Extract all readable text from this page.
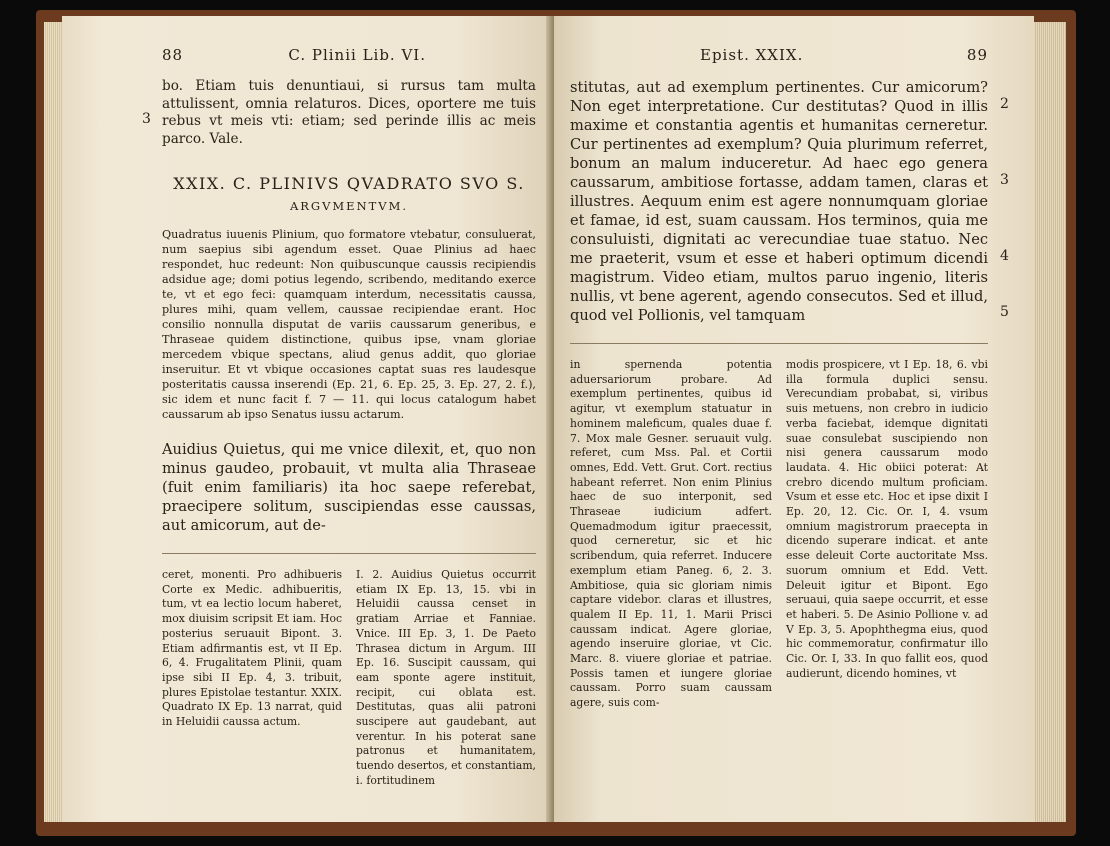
88	C. Plinii Lib. VI.

bo. Etiam tuis denuntiaui, si rursus tam multa attulissent, omnia relaturos. Dices, oportere me tuis rebus vt meis vti: etiam; sed perinde illis ac meis parco. Vale.

XXIX. C. PLINIVS QVADRATO SVO S.
ARGVMENTVM.

Quadratus iuuenis Plinium, quo formatore vtebatur, consuluerat, num saepius sibi agendum esset. Quae Plinius ad haec respondet, huc redeunt: Non quibuscunque caussis recipiendis adsidue age; domi potius legendo, scribendo, meditando exerce te, vt et ego feci: quamquam interdum, necessitatis caussa, plures mihi, quam vellem, caussae recipiendae erant. Hoc consilio nonnulla disputat de variis caussarum generibus, e Thraseae quidem distinctione, quibus ipse, vnam gloriae mercedem vbique spectans, aliud genus addit, quo gloriae inseruitur. Et vt vbique occasiones captat suas res laudesque posteritatis caussa inserendi (Ep. 21, 6. Ep. 25, 3. Ep. 27, 2. f.), sic idem et nunc facit f. 7 — 11. qui locus catalogum habet caussarum ab ipso Senatus iussu actarum.

Auidius Quietus, qui me vnice dilexit, et, quo non minus gaudeo, probauit, vt multa alia Thraseae (fuit enim familiaris) ita hoc saepe referebat, praecipere solitum, suscipiendas esse caussas, aut amicorum, aut de-

ceret, monenti. Pro adhibueris Corte ex Medic. adhibueritis, tum, vt ea lectio locum haberet, mox diuisim scripsit Et iam. Hoc posterius seruauit Bipont. 3. Etiam adfirmantis est, vt II Ep. 6, 4. Frugalitatem Plinii, quam ipse sibi II Ep. 4, 3. tribuit, plures Epistolae testantur. XXIX. Quadrato IX Ep. 13 narrat, quid in Heluidii caussa actum.
I. 2. Auidius Quietus occurrit etiam IX Ep. 13, 15. vbi in Heluidii caussa censet in gratiam Arriae et Fanniae. Vnice. III Ep. 3, 1. De Paeto Thrasea dictum in Argum. III Ep. 16. Suscipit caussam, qui eam sponte agere instituit, recipit, cui oblata est. Destitutas, quas alii patroni suscipere aut gaudebant, aut verentur. In his poterat sane patronus et humanitatem, tuendo desertos, et constantiam, i. fortitudinem
3
Epist. XXIX.	89

stitutas, aut ad exemplum pertinentes. Cur amicorum? Non eget interpretatione. Cur destitutas? Quod in illis maxime et constantia agentis et humanitas cerneretur. Cur pertinentes ad exemplum? Quia plurimum referret, bonum an malum induceretur. Ad haec ego genera caussarum, ambitiose fortasse, addam tamen, claras et illustres. Aequum enim est agere nonnumquam gloriae et famae, id est, suam caussam. Hos terminos, quia me consuluisti, dignitati ac verecundiae tuae statuo. Nec me praeterit, vsum et esse et haberi optimum dicendi magistrum. Video etiam, multos paruo ingenio, literis nullis, vt bene agerent, agendo consecutos. Sed et illud, quod vel Pollionis, vel tamquam

in spernenda potentia aduersariorum probare. Ad exemplum pertinentes, quibus id agitur, vt exemplum statuatur in hominem maleficum, quales duae f. 7. Mox male Gesner. seruauit vulg. referet, cum Mss. Pal. et Cortii omnes, Edd. Vett. Grut. Cort. rectius habeant referret. Non enim Plinius haec de suo interponit, sed Thraseae iudicium adfert. Quemadmodum igitur praecessit, quod cerneretur, sic et hic scribendum, quia referret. Inducere exemplum etiam Paneg. 6, 2. 3. Ambitiose, quia sic gloriam nimis captare videbor. claras et illustres, qualem II Ep. 11, 1. Marii Prisci caussam indicat. Agere gloriae, agendo inseruire gloriae, vt Cic. Marc. 8. viuere gloriae et patriae. Possis tamen et iungere gloriae caussam. Porro suam caussam agere, suis com-
modis prospicere, vt I Ep. 18, 6. vbi illa formula duplici sensu. Verecundiam probabat, si, viribus suis metuens, non crebro in iudicio verba faciebat, idemque dignitati suae consulebat suscipiendo non nisi genera caussarum modo laudata. 4. Hic obiici poterat: At crebro dicendo multum proficiam. Vsum et esse etc. Hoc et ipse dixit I Ep. 20, 12. Cic. Or. I, 4. vsum omnium magistrorum praecepta in dicendo superare indicat. et ante esse deleuit Corte auctoritate Mss. suorum omnium et Edd. Vett. Deleuit igitur et Bipont. Ego seruaui, quia saepe occurrit, et esse et haberi. 5. De Asinio Pollione v. ad V Ep. 3, 5. Apophthegma eius, quod hic commemoratur, confirmatur illo Cic. Or. I, 33. In quo fallit eos, quod audierunt, dicendo homines, vt
2
3
4
5
